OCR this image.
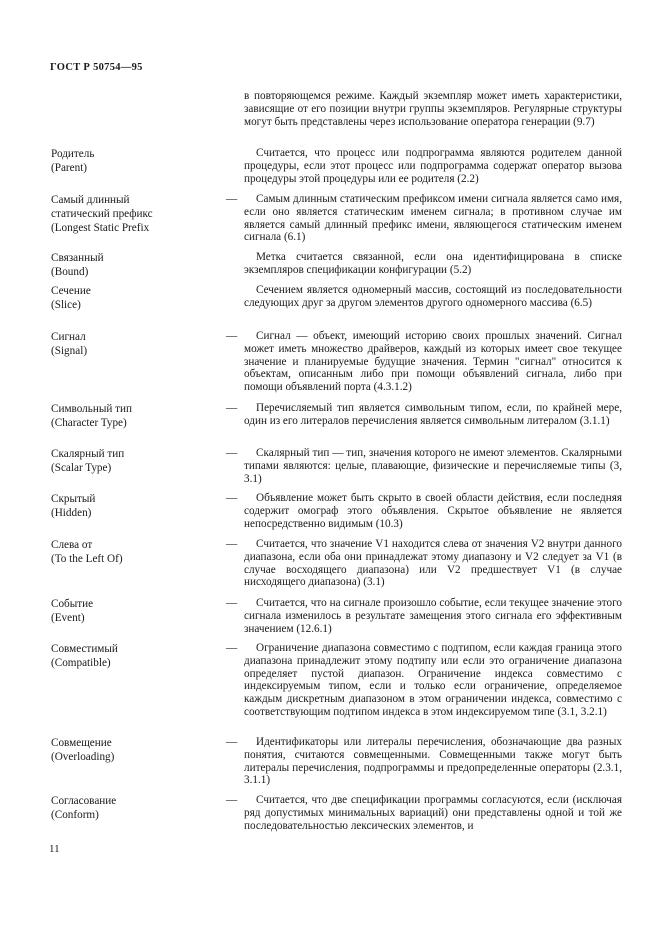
ГОСТ Р 50754—95
в повторяющемся режиме. Каждый экземпляр может иметь характеристики, зависящие от его позиции внутри группы экземпляров. Регулярные структуры могут быть представлены через использование оператора генерации (9.7)
Родитель
(Parent)
Считается, что процесс или подпрограмма являются родителем данной процедуры, если этот процесс или подпрограмма содержат оператор вызова процедуры этой процедуры или ее родителя (2.2)
Самый длинный статический префикс
(Longest Static Prefix
—	Самым длинным статическим префиксом имени сигнала является само имя, если оно является статическим именем сигнала; в противном случае им является самый длинный префикс имени, являющегося статическим именем сигнала (6.1)
Связанный
(Bound)
Метка считается связанной, если она идентифицирована в списке экземпляров спецификации конфигурации (5.2)
Сечение
(Slice)
Сечением является одномерный массив, состоящий из последовательности следующих друг за другом элементов другого одномерного массива (6.5)
Сигнал
(Signal)
—	Сигнал — объект, имеющий историю своих прошлых значений. Сигнал может иметь множество драйверов, каждый из которых имеет свое текущее значение и планируемые будущие значения. Термин "сигнал" относится к объектам, описанным либо при помощи объявлений сигнала, либо при помощи объявлений порта (4.3.1.2)
Символьный тип
(Character Type)
—	Перечисляемый тип является символьным типом, если, по крайней мере, один из его литералов перечисления является символьным литералом (3.1.1)
Скалярный тип
(Scalar Type)
—	Скалярный тип — тип, значения которого не имеют элементов. Скалярными типами являются: целые, плавающие, физические и перечисляемые типы (3, 3.1)
Скрытый
(Hidden)
—	Объявление может быть скрыто в своей области действия, если последняя содержит омограф этого объявления. Скрытое объявление не является непосредственно видимым (10.3)
Слева от
(To the Left Of)
—	Считается, что значение V1 находится слева от значения V2 внутри данного диапазона, если оба они принадлежат этому диапазону и V2 следует за V1 (в случае восходящего диапазона) или V2 предшествует V1 (в случае нисходящего диапазона) (3.1)
Событие
(Event)
—	Считается, что на сигнале произошло событие, если текущее значение этого сигнала изменилось в результате замещения этого сигнала его эффективным значением (12.6.1)
Совместимый
(Compatible)
—	Ограничение диапазона совместимо с подтипом, если каждая граница этого диапазона принадлежит этому подтипу или если это ограничение диапазона определяет пустой диапазон. Ограничение индекса совместимо с индексируемым типом, если и только если ограничение, определяемое каждым дискретным диапазоном в этом ограничении индекса, совместимо с соответствующим подтипом индекса в этом индексируемом типе (3.1, 3.2.1)
Совмещение
(Overloading)
—	Идентификаторы или литералы перечисления, обозначающие два разных понятия, считаются совмещенными. Совмещенными также могут быть литералы перечисления, подпрограммы и предопределенные операторы (2.3.1, 3.1.1)
Согласование
(Conform)
—	Считается, что две спецификации программы согласуются, если (исключая ряд допустимых минимальных вариаций) они представлены одной и той же последовательностью лексических элементов, и
11
